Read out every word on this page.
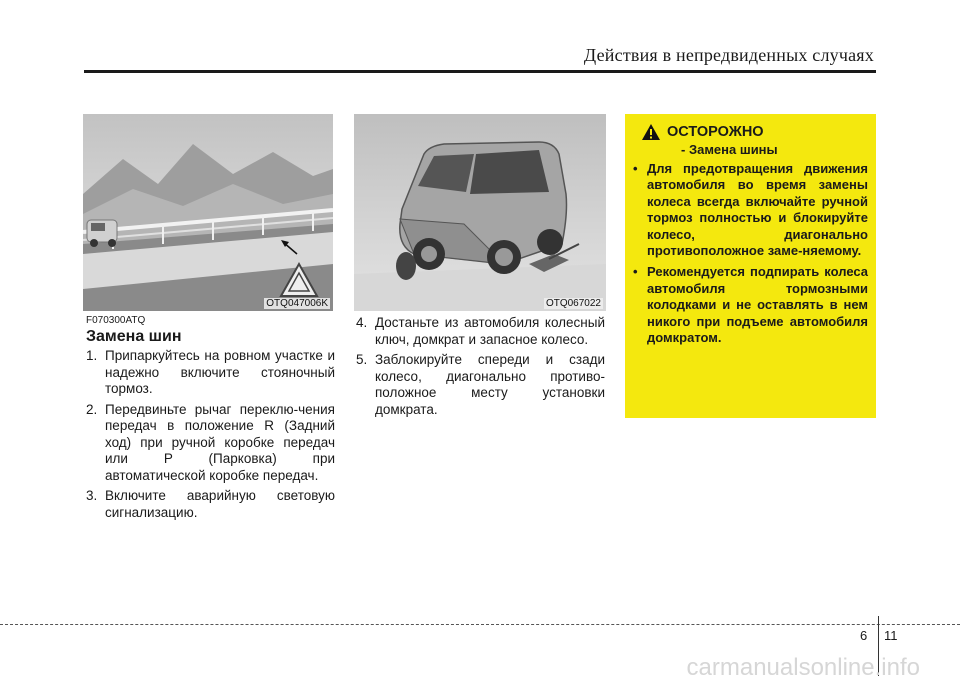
Действия в непредвиденных случаях
OTQ047006K	OTQ067022
F070300ATQ
Замена шин
1. Припаркуйтесь на ровном участке и надежно включите стояночный тормоз.
2. Передвиньте рычаг переклю-чения передач в положение R (Задний ход) при ручной коробке передач или P (Парковка) при автоматической коробке передач.
3. Включите аварийную световую сигнализацию.
4. Достаньте из автомобиля колесный ключ, домкрат и запасное колесо.
5. Заблокируйте спереди и сзади колесо, диагонально противо-положное месту установки домкрата.
ОСТОРОЖНО
- Замена шины
• Для предотвращения движения автомобиля во время замены колеса всегда включайте ручной тормоз полностью и блокируйте колесо, диагонально противоположное заме-няемому.
• Рекомендуется подпирать колеса автомобиля тормозными колодками и не оставлять в нем никого при подъеме автомобиля домкратом.
6 11
carmanualsonline.info
